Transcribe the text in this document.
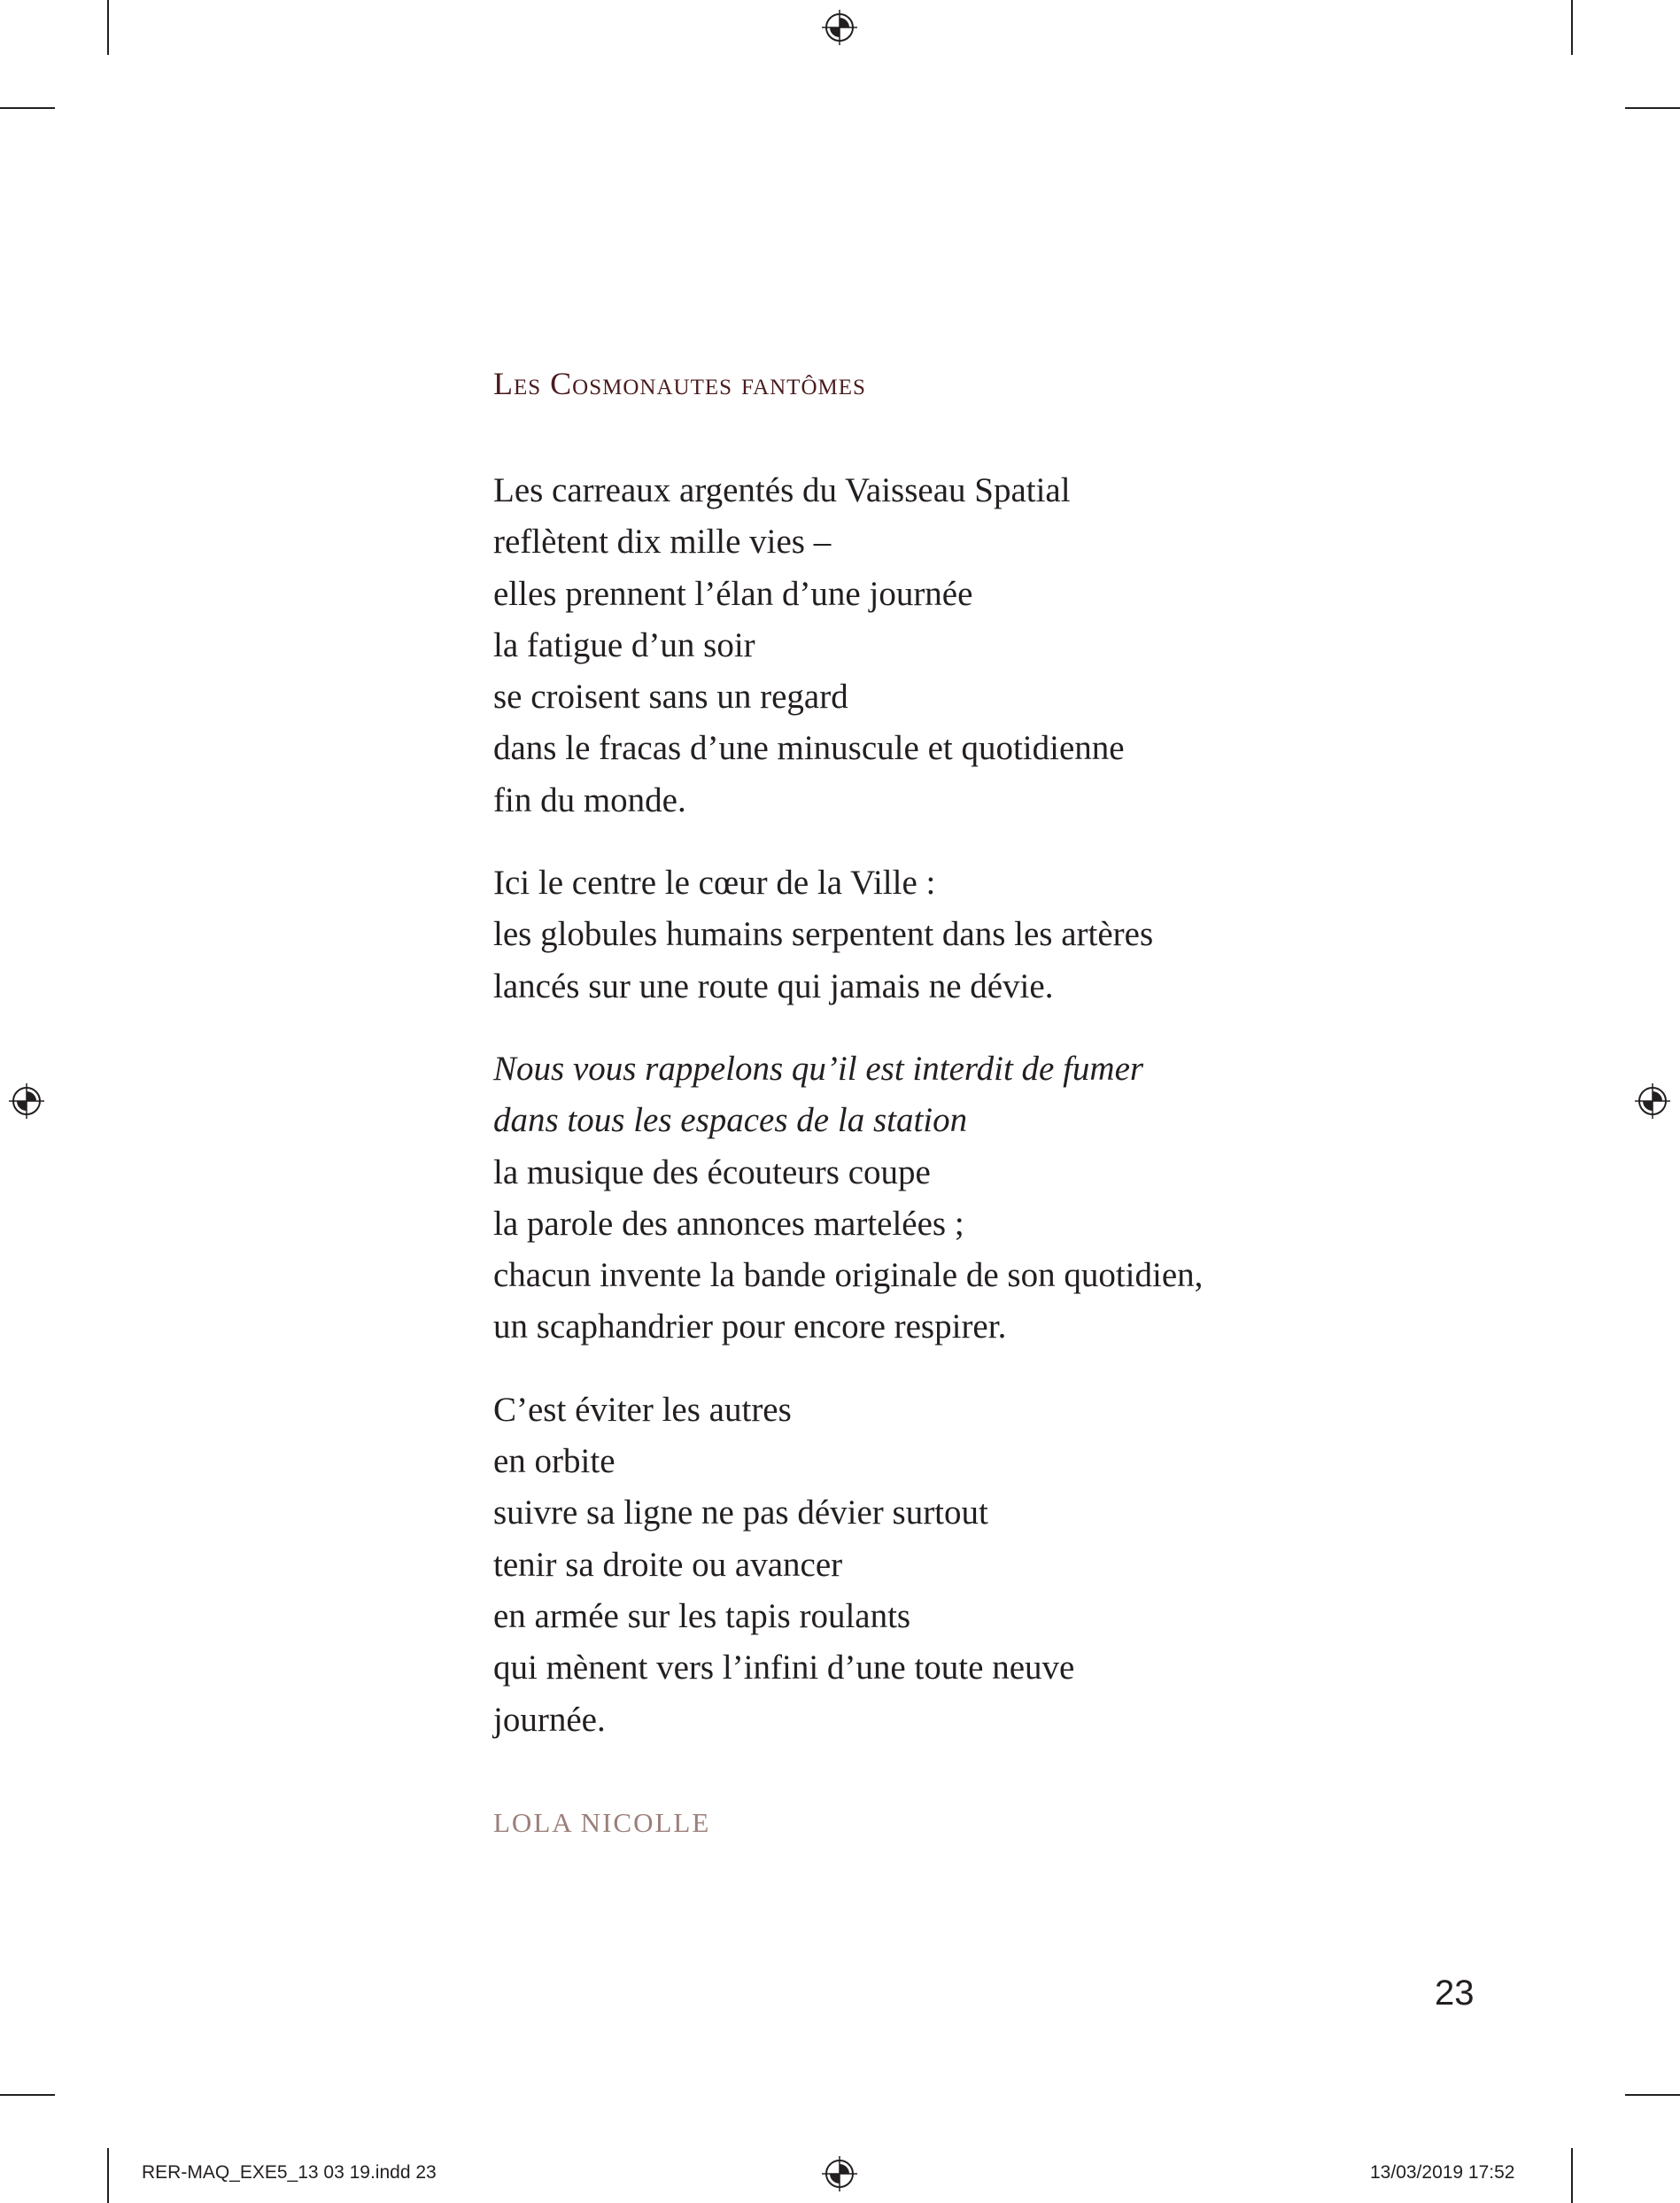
Les Cosmonautes fantômes
Les carreaux argentés du Vaisseau Spatial
reflètent dix mille vies –
elles prennent l’élan d’une journée
la fatigue d’un soir
se croisent sans un regard
dans le fracas d’une minuscule et quotidienne
fin du monde.
Ici le centre le cœur de la Ville :
les globules humains serpentent dans les artères
lancés sur une route qui jamais ne dévie.
Nous vous rappelons qu’il est interdit de fumer
dans tous les espaces de la station
la musique des écouteurs coupe
la parole des annonces martelées ;
chacun invente la bande originale de son quotidien,
un scaphandrier pour encore respirer.
C’est éviter les autres
en orbite
suivre sa ligne ne pas dévier surtout
tenir sa droite ou avancer
en armée sur les tapis roulants
qui mènent vers l’infini d’une toute neuve
journée.
LOLA NICOLLE
23
RER-MAQ_EXE5_13 03 19.indd 23	13/03/2019 17:52
